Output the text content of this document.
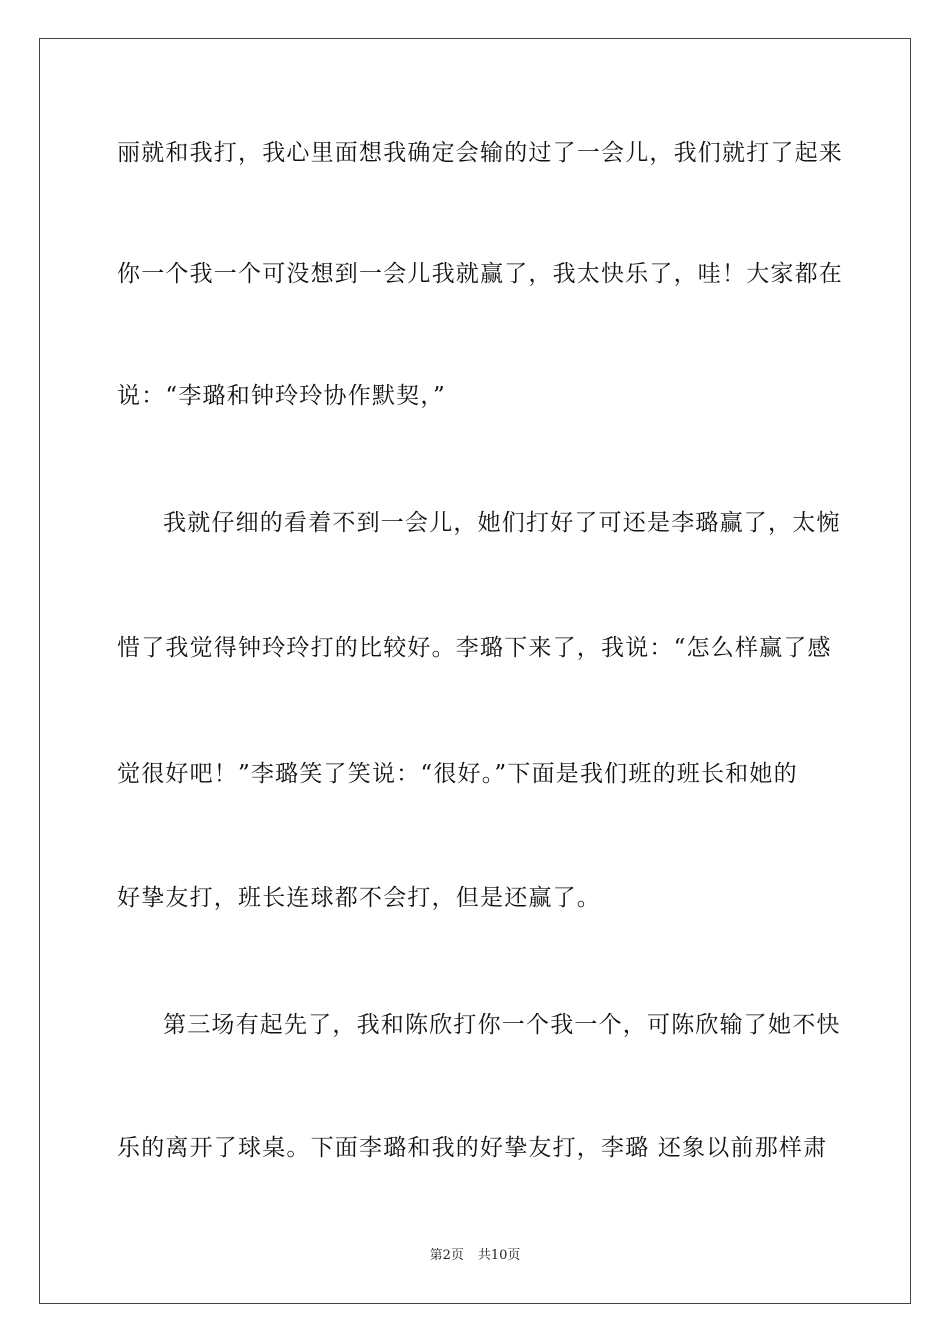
丽就和我打，我心里面想我确定会输的过了一会儿，我们就打了起来
你一个我一个可没想到一会儿我就赢了，我太快乐了，哇！大家都在
说：“李璐和钟玲玲协作默契，”
我就仔细的看着不到一会儿，她们打好了可还是李璐赢了，太惋
惜了我觉得钟玲玲打的比较好。李璐下来了，我说：“怎么样赢了感
觉很好吧！”李璐笑了笑说：“很好。”下面是我们班的班长和她的
好挚友打，班长连球都不会打，但是还赢了。
第三场有起先了，我和陈欣打你一个我一个，可陈欣输了她不快
乐的离开了球桌。下面李璐和我的好挚友打，李璐 还象以前那样肃
第2页 共10页
